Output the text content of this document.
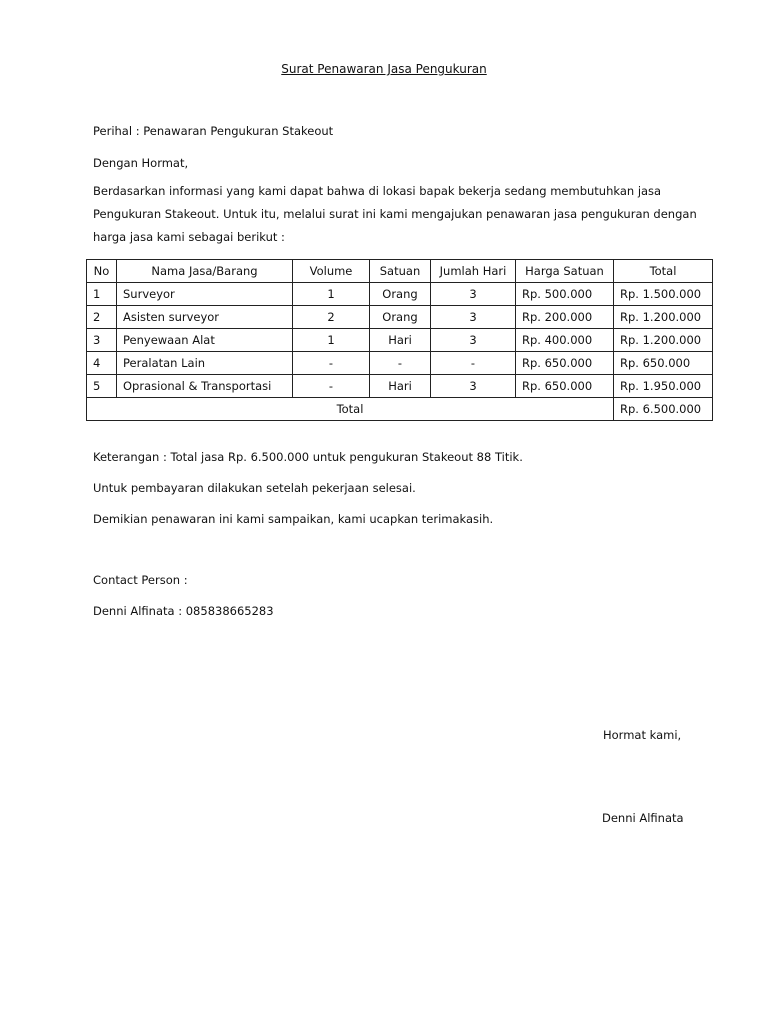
Surat Penawaran Jasa Pengukuran
Perihal : Penawaran Pengukuran Stakeout
Dengan Hormat,
Berdasarkan informasi yang kami dapat bahwa di lokasi bapak bekerja sedang membutuhkan jasa Pengukuran Stakeout. Untuk itu, melalui surat ini kami mengajukan penawaran jasa pengukuran dengan harga jasa kami sebagai berikut :
No	Nama Jasa/Barang	Volume	Satuan	Jumlah Hari	Harga Satuan	Total
1	Surveyor	1	Orang	3	Rp. 500.000	Rp. 1.500.000
2	Asisten surveyor	2	Orang	3	Rp. 200.000	Rp. 1.200.000
3	Penyewaan Alat	1	Hari	3	Rp. 400.000	Rp. 1.200.000
4	Peralatan Lain	-	-	-	Rp. 650.000	Rp. 650.000
5	Oprasional & Transportasi	-	Hari	3	Rp. 650.000	Rp. 1.950.000
Total						Rp. 6.500.000
Keterangan : Total jasa Rp. 6.500.000 untuk pengukuran Stakeout 88 Titik.
Untuk pembayaran dilakukan setelah pekerjaan selesai.
Demikian penawaran ini kami sampaikan, kami ucapkan terimakasih.
Contact Person :
Denni Alfinata : 085838665283
Hormat kami,
Denni Alfinata
